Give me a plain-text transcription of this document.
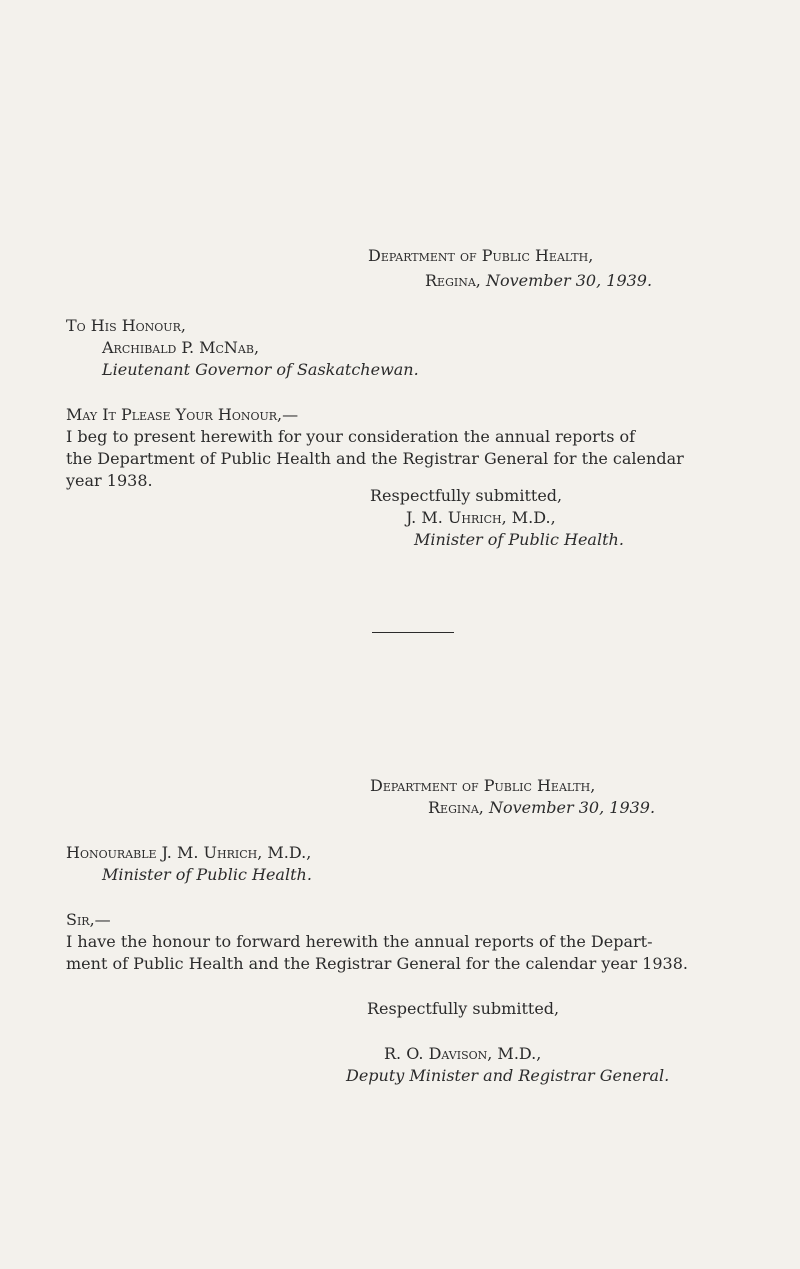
Department of Public Health,
Regina, November 30, 1939.
To His Honour,
Archibald P. McNab,
Lieutenant Governor of Saskatchewan.
May It Please Your Honour,—
I beg to present herewith for your consideration the annual reports of
the Department of Public Health and the Registrar General for the calendar
year 1938.
Respectfully submitted,
J. M. Uhrich, M.D.,
Minister of Public Health.
Department of Public Health,
Regina, November 30, 1939.
Honourable J. M. Uhrich, M.D.,
Minister of Public Health.
Sir,—
I have the honour to forward herewith the annual reports of the Depart-
ment of Public Health and the Registrar General for the calendar year 1938.
Respectfully submitted,
R. O. Davison, M.D.,
Deputy Minister and Registrar General.
